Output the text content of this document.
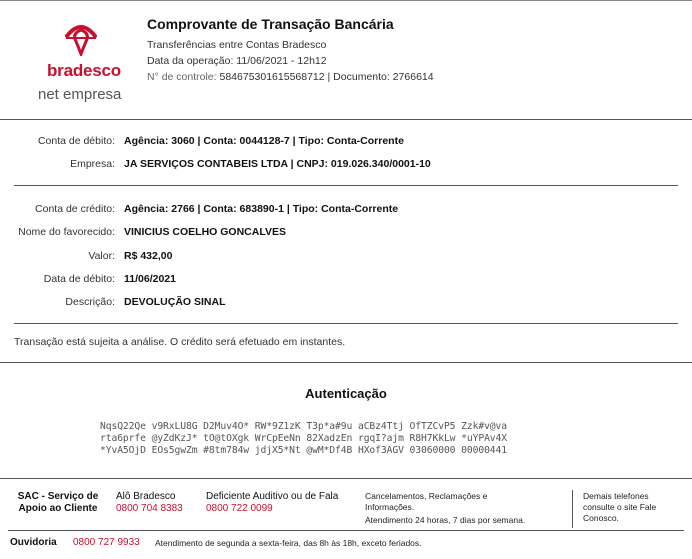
bradesco
net empresa
Comprovante de Transação Bancária
Transferências entre Contas Bradesco
Data da operação: 11/06/2021 - 12h12
N° de controle: 584675301615568712 | Documento: 2766614
Conta de débito: Agência: 3060 | Conta: 0044128-7 | Tipo: Conta-Corrente
Empresa: JA SERVIÇOS CONTABEIS LTDA | CNPJ: 019.026.340/0001-10
Conta de crédito: Agência: 2766 | Conta: 683890-1 | Tipo: Conta-Corrente
Nome do favorecido: VINICIUS COELHO GONCALVES
Valor: R$ 432,00
Data de débito: 11/06/2021
Descrição: DEVOLUÇÃO SINAL
Transação está sujeita a análise. O crédito será efetuado em instantes.
Autenticação
NqsQ22Qe v9RxLU8G D2Muv4O* RW*9Z1zK T3p*a#9u aCBz4Ttj OfTZCvP5 Zzk#v@va
rta6prfe @yZdKzJ* tO@tOXgk WrCpEeNn 82XadzEn rgqI?ajm R8H7KkLw *uYPAv4X
*YvA5OjD EOs5gwZm #8tm784w jdjX5*Nt @wM*Df4B HXof3AGV 03060000 00000441
SAC - Serviço de Apoio ao Cliente
Alô Bradesco
0800 704 8383
Deficiente Auditivo ou de Fala
0800 722 0099
Cancelamentos, Reclamações e Informações.
Atendimento 24 horas, 7 dias por semana.
Demais telefones consulte o site Fale Conosco.
Ouvidoria 0800 727 9933 Atendimento de segunda a sexta-feira, das 8h às 18h, exceto feriados.
